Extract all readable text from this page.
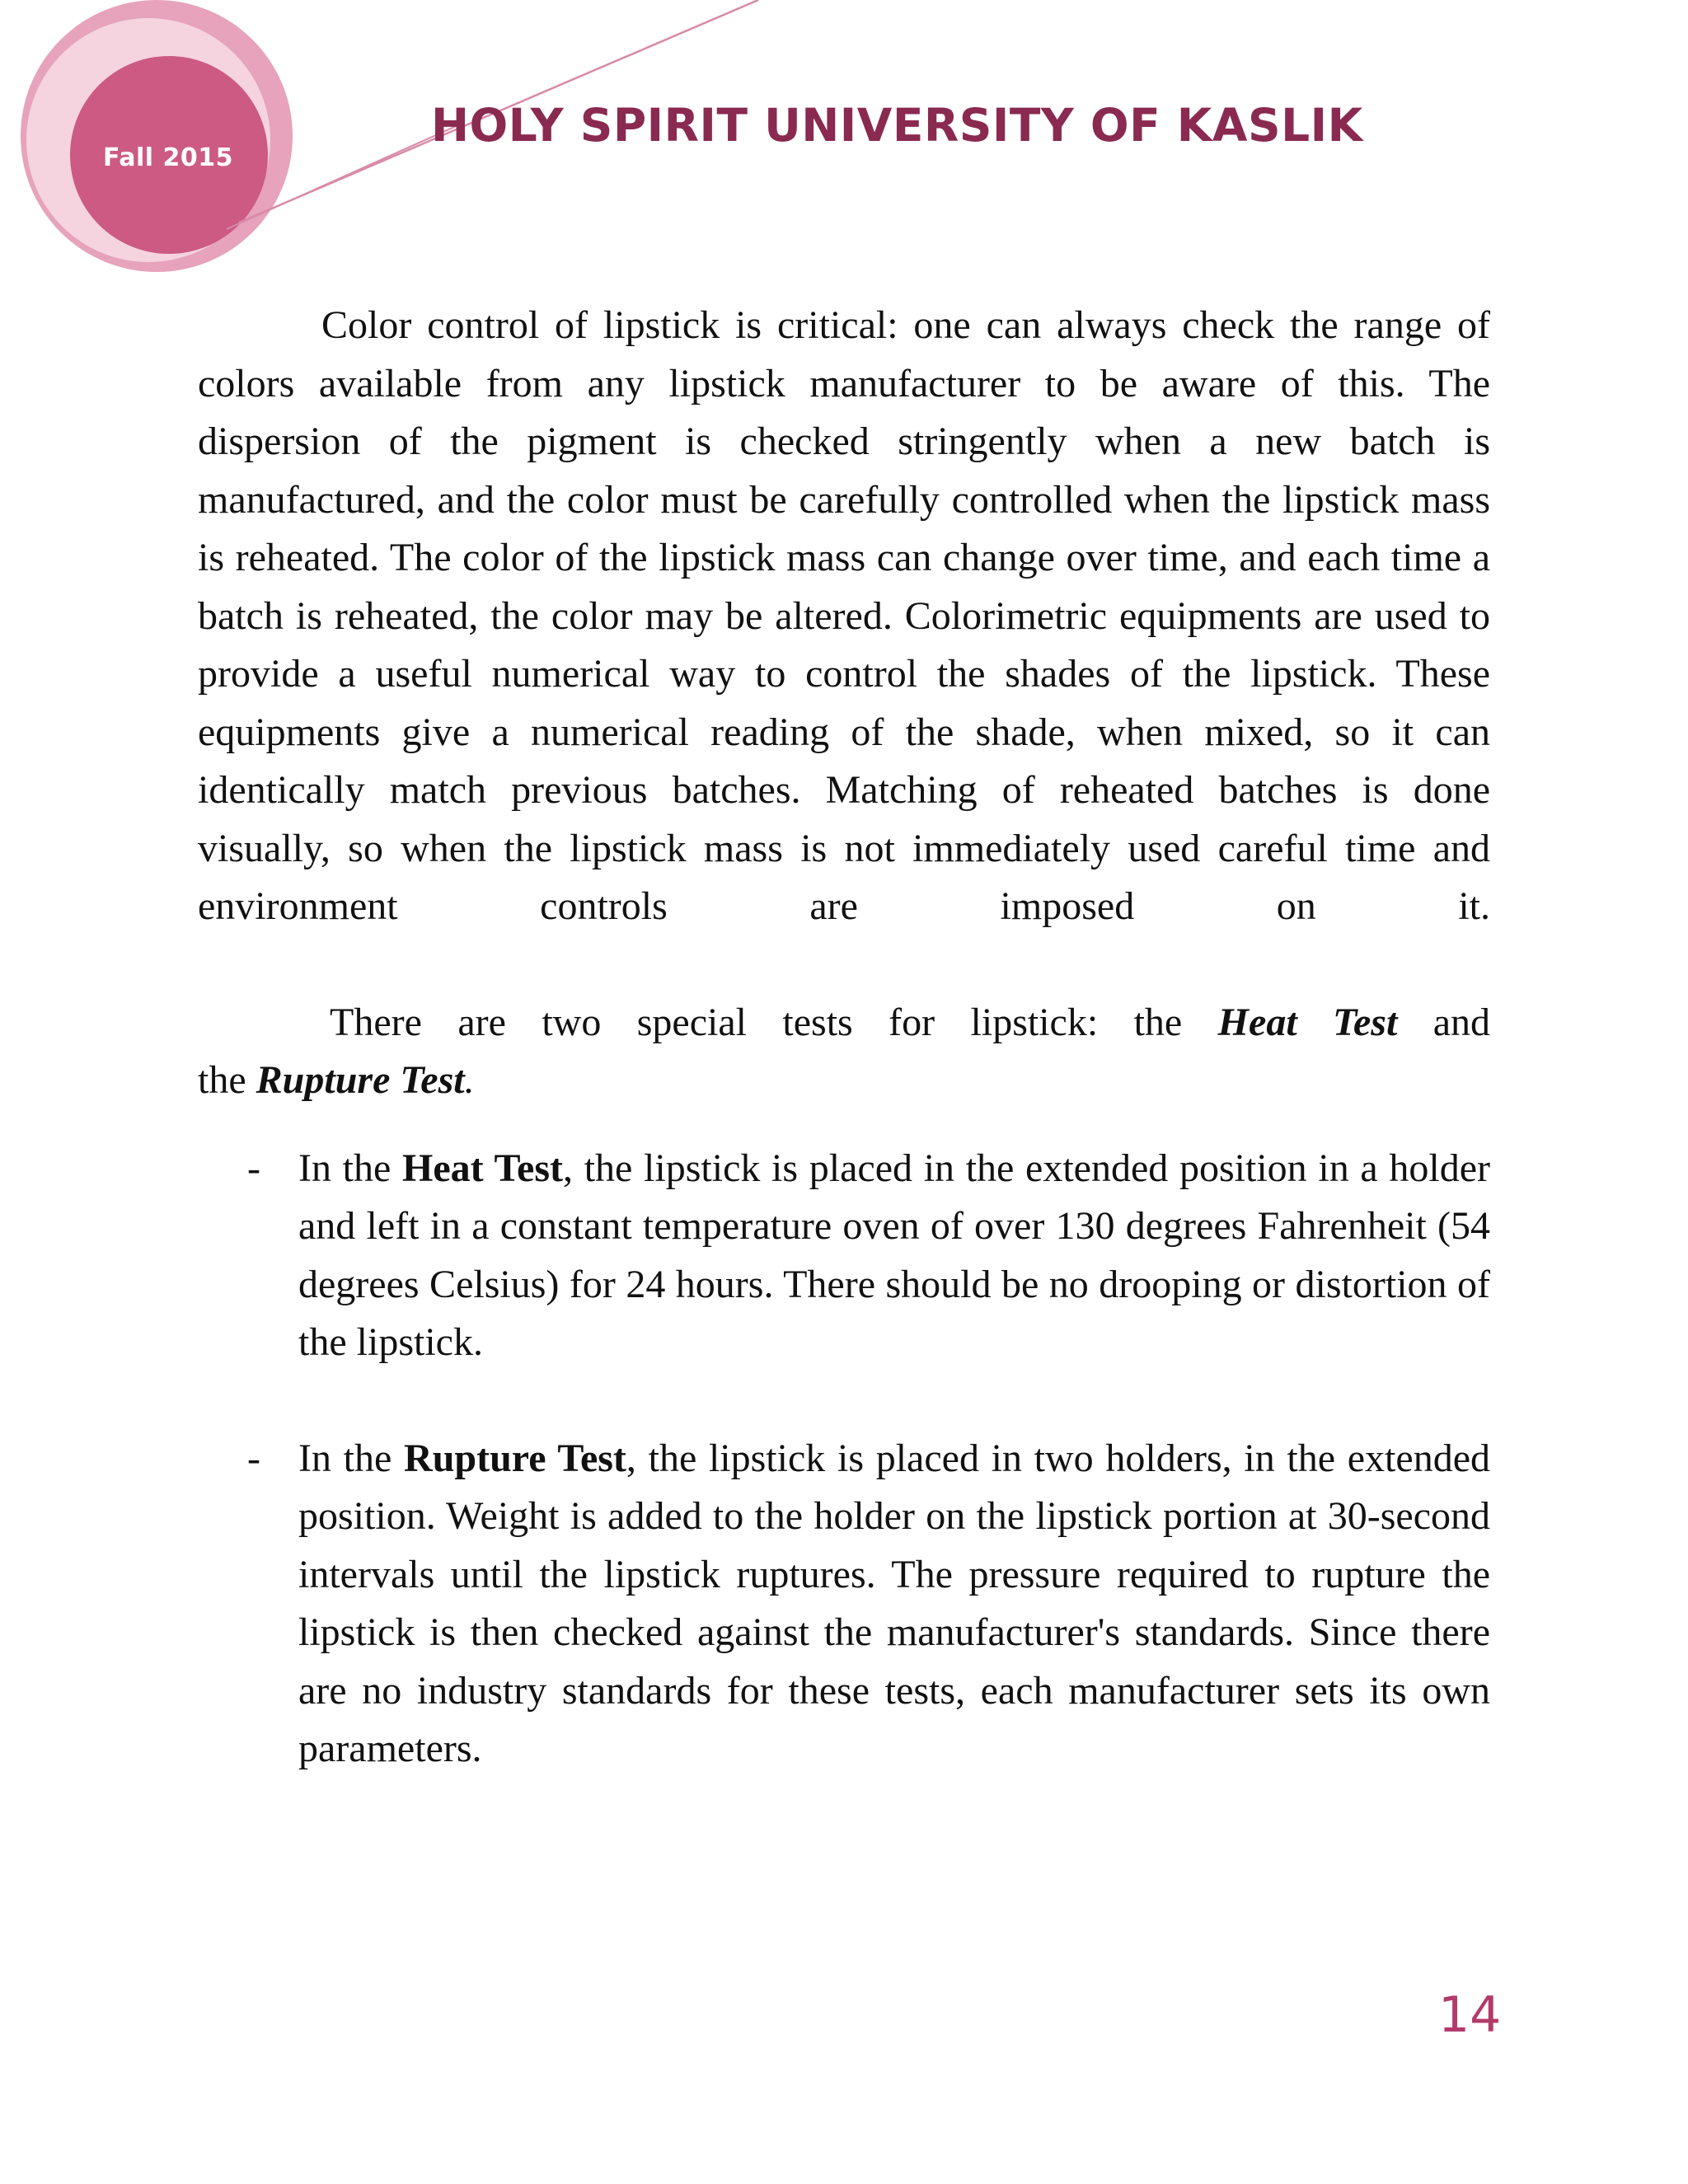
Fall 2015
HOLY SPIRIT UNIVERSITY OF KASLIK

Color control of lipstick is critical: one can always check the range of colors available from any lipstick manufacturer to be aware of this. The dispersion of the pigment is checked stringently when a new batch is manufactured, and the color must be carefully controlled when the lipstick mass is reheated. The color of the lipstick mass can change over time, and each time a batch is reheated, the color may be altered. Colorimetric equipments are used to provide a useful numerical way to control the shades of the lipstick. These equipments give a numerical reading of the shade, when mixed, so it can identically match previous batches. Matching of reheated batches is done visually, so when the lipstick mass is not immediately used careful time and environment controls are imposed on it.

There are two special tests for lipstick: the Heat Test and
the Rupture Test.

- In the Heat Test, the lipstick is placed in the extended position in a holder and left in a constant temperature oven of over 130 degrees Fahrenheit (54 degrees Celsius) for 24 hours. There should be no drooping or distortion of the lipstick.
- In the Rupture Test, the lipstick is placed in two holders, in the extended position. Weight is added to the holder on the lipstick portion at 30-second intervals until the lipstick ruptures. The pressure required to rupture the lipstick is then checked against the manufacturer's standards. Since there are no industry standards for these tests, each manufacturer sets its own parameters.
14
